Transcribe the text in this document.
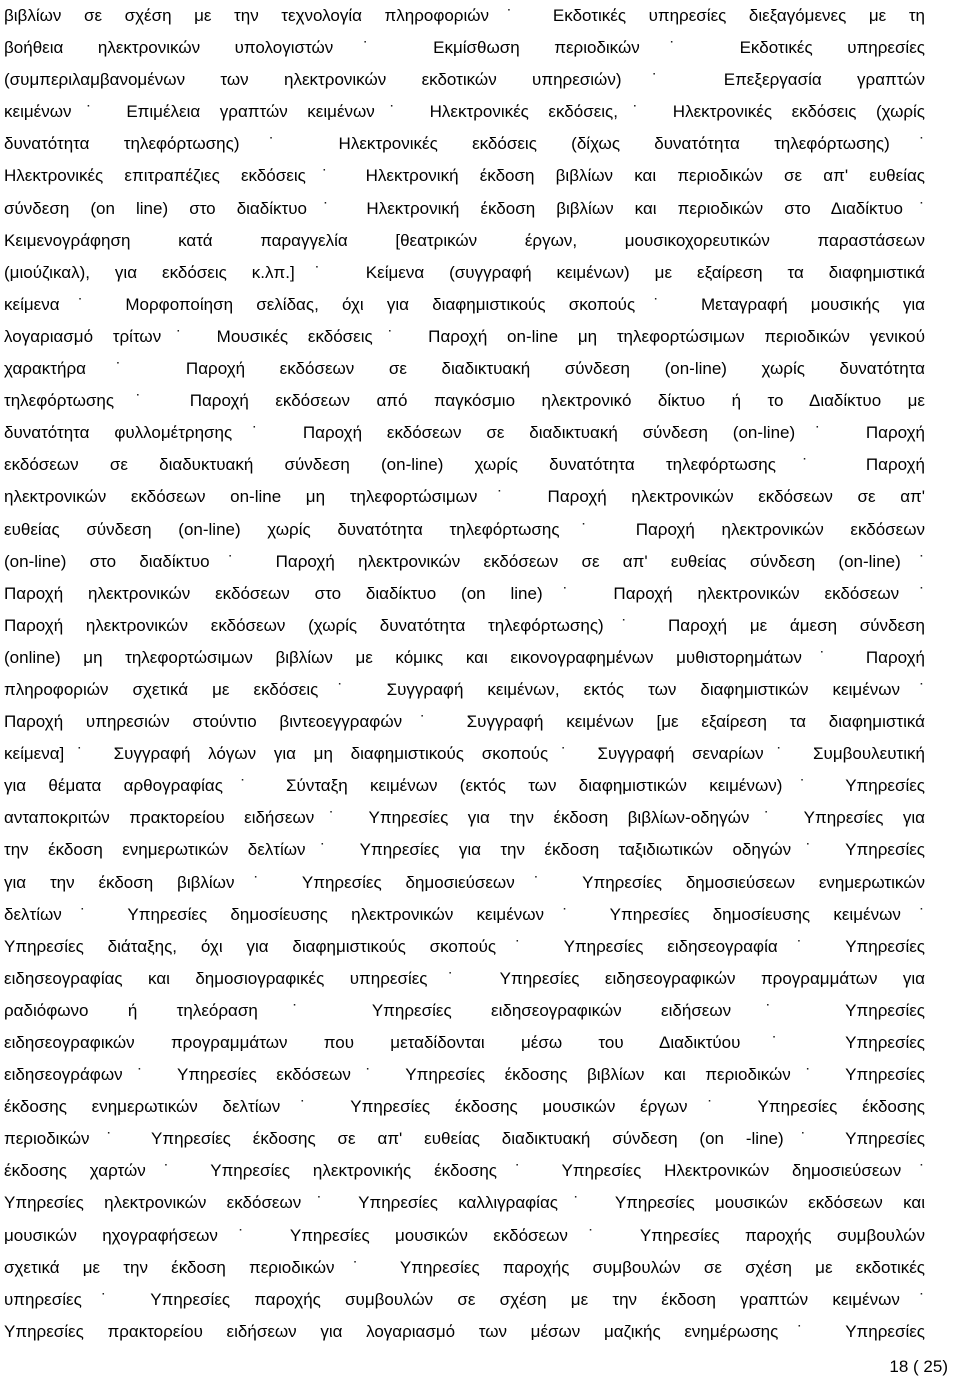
βιβλίων σε σχέση με την τεχνολογία πληροφοριών˙ Εκδοτικές υπηρεσίες διεξαγόμενες με τη
βοήθεια ηλεκτρονικών υπολογιστών˙ Εκμίσθωση περιοδικών˙ Εκδοτικές υπηρεσίες
(συμπεριλαμβανομένων των ηλεκτρονικών εκδοτικών υπηρεσιών)˙ Επεξεργασία γραπτών
κειμένων˙ Επιμέλεια γραπτών κειμένων˙ Ηλεκτρονικές εκδόσεις,˙ Ηλεκτρονικές εκδόσεις (χωρίς
δυνατότητα τηλεφόρτωσης)˙ Ηλεκτρονικές εκδόσεις (δίχως δυνατότητα τηλεφόρτωσης)˙
Ηλεκτρονικές επιτραπέζιες εκδόσεις˙ Ηλεκτρονική έκδοση βιβλίων και περιοδικών σε απ' ευθείας
σύνδεση (on line) στο διαδίκτυο˙ Ηλεκτρονική έκδοση βιβλίων και περιοδικών στο Διαδίκτυο˙
Κειμενογράφηση κατά παραγγελία [θεατρικών έργων, μουσικοχορευτικών παραστάσεων
(μιούζικαλ), για εκδόσεις κ.λπ.]˙ Κείμενα (συγγραφή κειμένων) με εξαίρεση τα διαφημιστικά
κείμενα˙ Μορφοποίηση σελίδας, όχι για διαφημιστικούς σκοπούς˙ Μεταγραφή μουσικής για
λογαριασμό τρίτων˙ Μουσικές εκδόσεις˙ Παροχή on-line μη τηλεφορτώσιμων περιοδικών γενικού
χαρακτήρα˙ Παροχή εκδόσεων σε διαδικτυακή σύνδεση (on-line) χωρίς δυνατότητα
τηλεφόρτωσης˙ Παροχή εκδόσεων από παγκόσμιο ηλεκτρονικό δίκτυο ή το Διαδίκτυο με
δυνατότητα φυλλομέτρησης˙ Παροχή εκδόσεων σε διαδικτυακή σύνδεση (on-line)˙ Παροχή
εκδόσεων σε διαδυκτυακή σύνδεση (on-line) χωρίς δυνατότητα τηλεφόρτωσης˙ Παροχή
ηλεκτρονικών εκδόσεων on-line μη τηλεφορτώσιμων˙ Παροχή ηλεκτρονικών εκδόσεων σε απ'
ευθείας σύνδεση (on-line) χωρίς δυνατότητα τηλεφόρτωσης˙ Παροχή ηλεκτρονικών εκδόσεων
(on-line) στο διαδίκτυο˙ Παροχή ηλεκτρονικών εκδόσεων σε απ' ευθείας σύνδεση (on-line)˙
Παροχή ηλεκτρονικών εκδόσεων στο διαδίκτυο (on line)˙ Παροχή ηλεκτρονικών εκδόσεων˙
Παροχή ηλεκτρονικών εκδόσεων (χωρίς δυνατότητα τηλεφόρτωσης)˙ Παροχή με άμεση σύνδεση
(online) μη τηλεφορτώσιμων βιβλίων με κόμικς και εικονογραφημένων μυθιστορημάτων˙ Παροχή
πληροφοριών σχετικά με εκδόσεις˙ Συγγραφή κειμένων, εκτός των διαφημιστικών κειμένων˙
Παροχή υπηρεσιών στούντιο βιντεοεγγραφών˙ Συγγραφή κειμένων [με εξαίρεση τα διαφημιστικά
κείμενα]˙ Συγγραφή λόγων για μη διαφημιστικούς σκοπούς˙ Συγγραφή σεναρίων˙ Συμβουλευτική
για θέματα αρθογραφίας˙ Σύνταξη κειμένων (εκτός των διαφημιστικών κειμένων)˙ Υπηρεσίες
ανταποκριτών πρακτορείου ειδήσεων˙ Υπηρεσίες για την έκδοση βιβλίων-οδηγών˙ Υπηρεσίες για
την έκδοση ενημερωτικών δελτίων˙ Υπηρεσίες για την έκδοση ταξιδιωτικών οδηγών˙ Υπηρεσίες
για την έκδοση βιβλίων˙ Υπηρεσίες δημοσιεύσεων˙ Υπηρεσίες δημοσιεύσεων ενημερωτικών
δελτίων˙ Υπηρεσίες δημοσίευσης ηλεκτρονικών κειμένων˙ Υπηρεσίες δημοσίευσης κειμένων˙
Υπηρεσίες διάταξης, όχι για διαφημιστικούς σκοπούς˙ Υπηρεσίες ειδησεογραφία˙ Υπηρεσίες
ειδησεογραφίας και δημοσιογραφικές υπηρεσίες˙ Υπηρεσίες ειδησεογραφικών προγραμμάτων για
ραδιόφωνο ή τηλεόραση˙ Υπηρεσίες ειδησεογραφικών ειδήσεων˙ Υπηρεσίες
ειδησεογραφικών προγραμμάτων που μεταδίδονται μέσω του Διαδικτύου˙ Υπηρεσίες
ειδησεογράφων˙ Υπηρεσίες εκδόσεων˙ Υπηρεσίες έκδοσης βιβλίων και περιοδικών˙ Υπηρεσίες
έκδοσης ενημερωτικών δελτίων˙ Υπηρεσίες έκδοσης μουσικών έργων˙ Υπηρεσίες έκδοσης
περιοδικών˙ Υπηρεσίες έκδοσης σε απ' ευθείας διαδικτυακή σύνδεση (on -line)˙ Υπηρεσίες
έκδοσης χαρτών˙ Υπηρεσίες ηλεκτρονικής έκδοσης˙ Υπηρεσίες Ηλεκτρονικών δημοσιεύσεων˙
Υπηρεσίες ηλεκτρονικών εκδόσεων˙ Υπηρεσίες καλλιγραφίας˙ Υπηρεσίες μουσικών εκδόσεων και
μουσικών ηχογραφήσεων˙ Υπηρεσίες μουσικών εκδόσεων˙ Υπηρεσίες παροχής συμβουλών
σχετικά με την έκδοση περιοδικών˙ Υπηρεσίες παροχής συμβουλών σε σχέση με εκδοτικές
υπηρεσίες˙ Υπηρεσίες παροχής συμβουλών σε σχέση με την έκδοση γραπτών κειμένων˙
Υπηρεσίες πρακτορείου ειδήσεων για λογαριασμό των μέσων μαζικής ενημέρωσης˙ Υπηρεσίες
18 ( 25)
